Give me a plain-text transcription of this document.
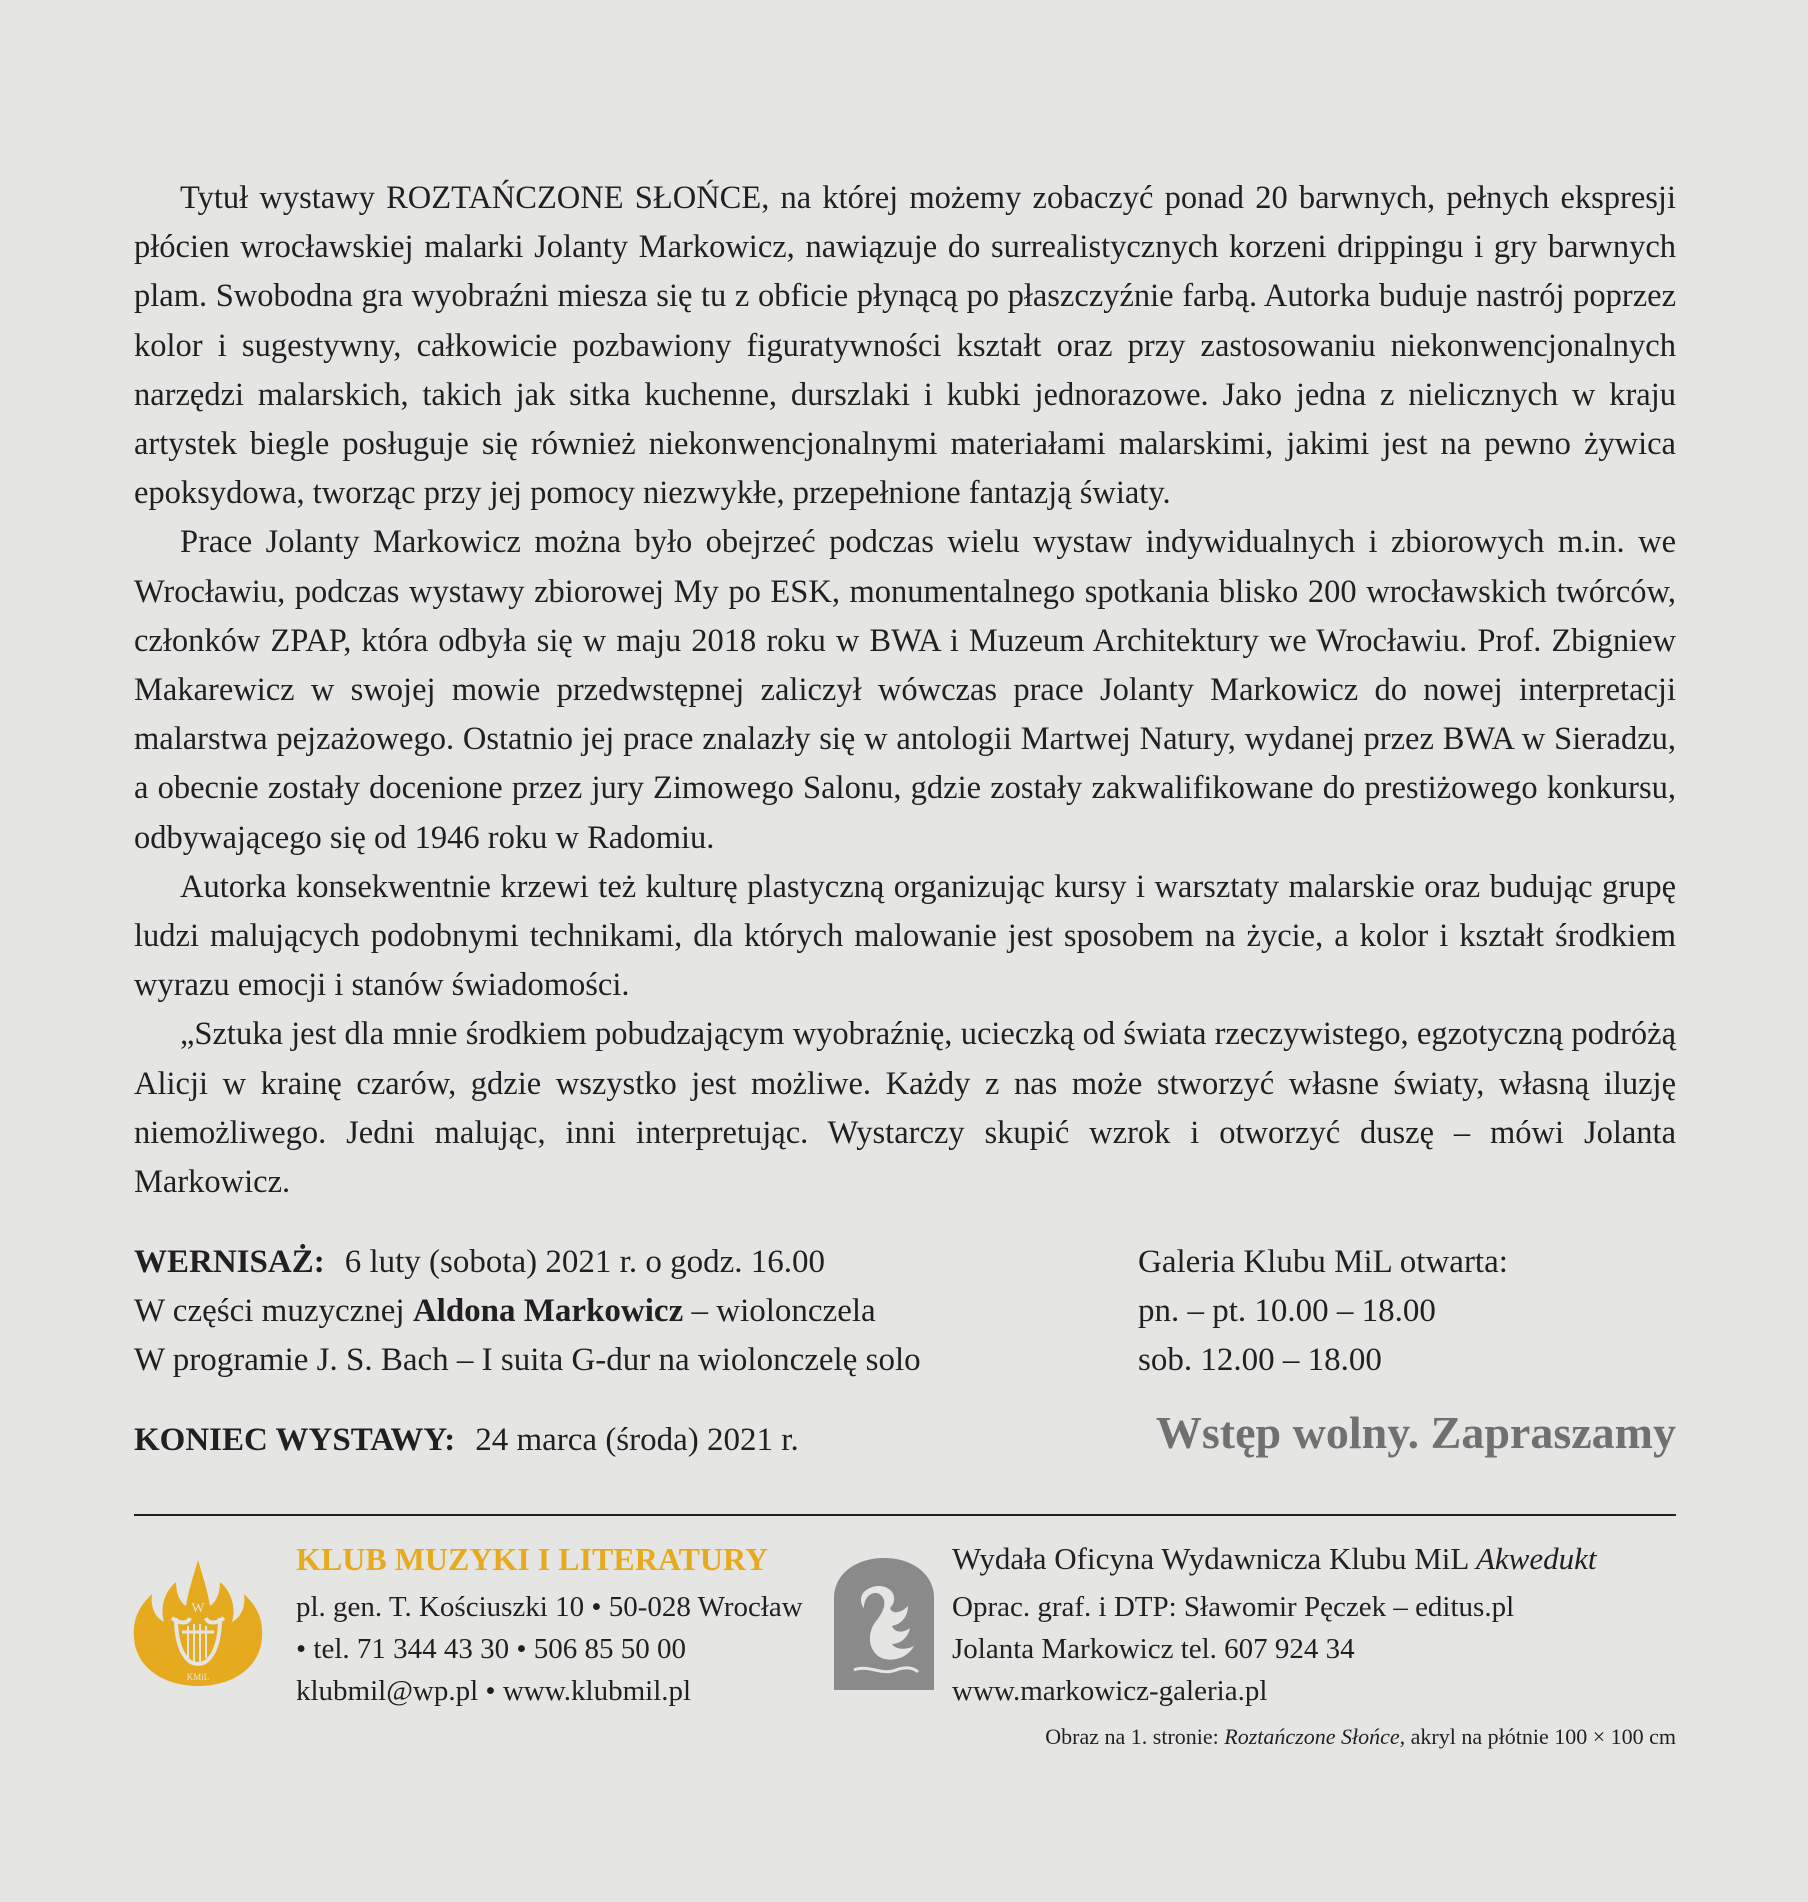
Tytuł wystawy ROZTAŃCZONE SŁOŃCE, na której możemy zobaczyć ponad 20 barwnych, pełnych ekspresji płócien wrocławskiej malarki Jolanty Markowicz, nawiązuje do surrealistycznych korzeni drippingu i gry barwnych plam. Swobodna gra wyobraźni miesza się tu z obficie płynącą po płaszczyźnie farbą. Autorka buduje nastrój poprzez kolor i sugestywny, całkowicie pozbawiony figuratywności kształt oraz przy zastosowaniu niekonwencjonalnych narzędzi malarskich, takich jak sitka kuchenne, durszlaki i kubki jednorazowe. Jako jedna z nielicznych w kraju artystek biegle posługuje się również niekonwencjonalnymi materiałami malarskimi, jakimi jest na pewno żywica epoksydowa, tworząc przy jej pomocy niezwykłe, przepełnione fantazją światy.

Prace Jolanty Markowicz można było obejrzeć podczas wielu wystaw indywidualnych i zbiorowych m.in. we Wrocławiu, podczas wystawy zbiorowej My po ESK, monumentalnego spotkania blisko 200 wrocławskich twórców, członków ZPAP, która odbyła się w maju 2018 roku w BWA i Muzeum Architektury we Wrocławiu. Prof. Zbigniew Makarewicz w swojej mowie przedwstępnej zaliczył wówczas prace Jolanty Markowicz do nowej interpretacji malarstwa pejzażowego. Ostatnio jej prace znalazły się w antologii Martwej Natury, wydanej przez BWA w Sieradzu, a obecnie zostały docenione przez jury Zimowego Salonu, gdzie zostały zakwalifikowane do prestiżowego konkursu, odbywającego się od 1946 roku w Radomiu.

Autorka konsekwentnie krzewi też kulturę plastyczną organizując kursy i warsztaty malarskie oraz budując grupę ludzi malujących podobnymi technikami, dla których malowanie jest sposobem na życie, a kolor i kształt środkiem wyrazu emocji i stanów świadomości.

„Sztuka jest dla mnie środkiem pobudzającym wyobraźnię, ucieczką od świata rzeczywistego, egzotyczną podróżą Alicji w krainę czarów, gdzie wszystko jest możliwe. Każdy z nas może stworzyć własne światy, własną iluzję niemożliwego. Jedni malując, inni interpretując. Wystarczy skupić wzrok i otworzyć duszę – mówi Jolanta Markowicz.

WERNISAŻ: 6 luty (sobota) 2021 r. o godz. 16.00
W części muzycznej Aldona Markowicz – wiolonczela
W programie J. S. Bach – I suita G-dur na wiolonczelę solo
KONIEC WYSTAWY: 24 marca (środa) 2021 r.
Galeria Klubu MiL otwarta:
pn. – pt. 10.00 – 18.00
sob. 12.00 – 18.00
Wstęp wolny. Zapraszamy
W
KMiL
KLUB MUZYKI I LITERATURY
pl. gen. T. Kościuszki 10 • 50-028 Wrocław
• tel. 71 344 43 30 • 506 85 50 00
klubmil@wp.pl • www.klubmil.pl
Wydała Oficyna Wydawnicza Klubu MiL Akwedukt
Oprac. graf. i DTP: Sławomir Pęczek – editus.pl
Jolanta Markowicz tel. 607 924 34
www.markowicz-galeria.pl
Obraz na 1. stronie: Roztańczone Słońce, akryl na płótnie 100 × 100 cm
